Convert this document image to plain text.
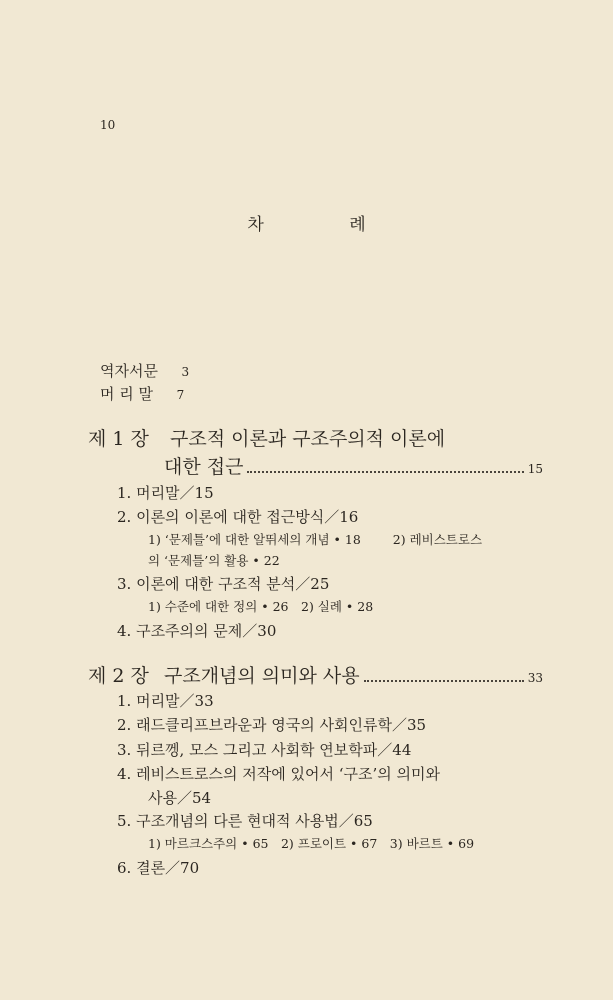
10
차 례
역자서문 3
머 리 말 7
제 1 장 구조적 이론과 구조주의적 이론에
대한 접근	15
1. 머리말／15
2. 이론의 이론에 대한 접근방식／16
1) ‘문제틀’에 대한 알뛰세의 개념 • 18	2) 레비스트로스
의 ‘문제틀’의 활용 • 22
3. 이론에 대한 구조적 분석／25
1) 수준에 대한 정의 • 26　2) 실례 • 28
4. 구조주의의 문제／30
제 2 장 구조개념의 의미와 사용	33
1. 머리말／33
2. 래드클리프브라운과 영국의 사회인류학／35
3. 뒤르껭, 모스 그리고 사회학 연보학파／44
4. 레비스트로스의 저작에 있어서 ‘구조’의 의미와
사용／54
5. 구조개념의 다른 현대적 사용법／65
1) 마르크스주의 • 65　2) 프로이트 • 67　3) 바르트 • 69
6. 결론／70
